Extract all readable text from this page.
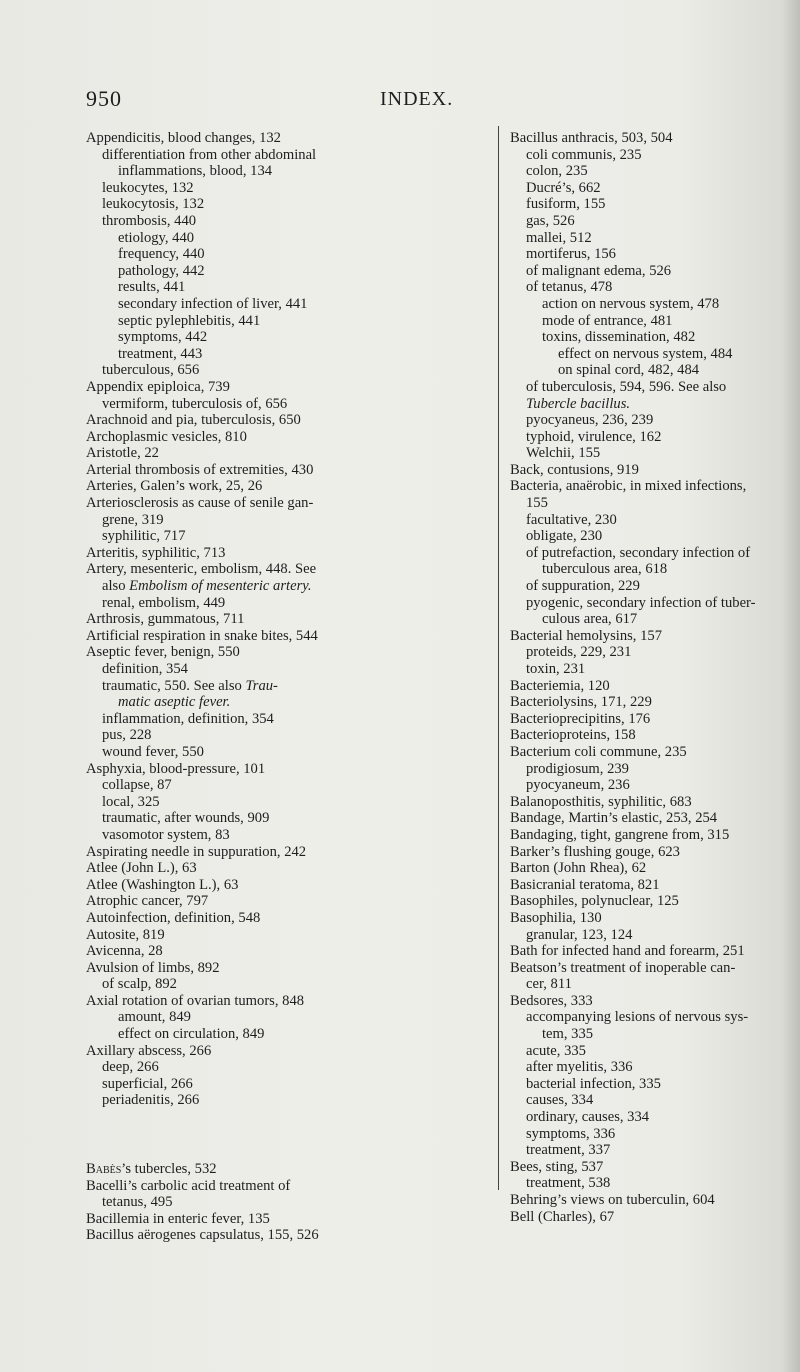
950	INDEX.
Appendicitis, blood changes, 132
differentiation from other abdominal
inflammations, blood, 134
leukocytes, 132
leukocytosis, 132
thrombosis, 440
etiology, 440
frequency, 440
pathology, 442
results, 441
secondary infection of liver, 441
septic pylephlebitis, 441
symptoms, 442
treatment, 443
tuberculous, 656
Appendix epiploica, 739
vermiform, tuberculosis of, 656
Arachnoid and pia, tuberculosis, 650
Archoplasmic vesicles, 810
Aristotle, 22
Arterial thrombosis of extremities, 430
Arteries, Galen’s work, 25, 26
Arteriosclerosis as cause of senile gan-
grene, 319
syphilitic, 717
Arteritis, syphilitic, 713
Artery, mesenteric, embolism, 448. See
also Embolism of mesenteric artery.
renal, embolism, 449
Arthrosis, gummatous, 711
Artificial respiration in snake bites, 544
Aseptic fever, benign, 550
definition, 354
traumatic, 550. See also Trau-
matic aseptic fever.
inflammation, definition, 354
pus, 228
wound fever, 550
Asphyxia, blood-pressure, 101
collapse, 87
local, 325
traumatic, after wounds, 909
vasomotor system, 83
Aspirating needle in suppuration, 242
Atlee (John L.), 63
Atlee (Washington L.), 63
Atrophic cancer, 797
Autoinfection, definition, 548
Autosite, 819
Avicenna, 28
Avulsion of limbs, 892
of scalp, 892
Axial rotation of ovarian tumors, 848
amount, 849
effect on circulation, 849
Axillary abscess, 266
deep, 266
superficial, 266
periadenitis, 266
Babès’s tubercles, 532
Bacelli’s carbolic acid treatment of
tetanus, 495
Bacillemia in enteric fever, 135
Bacillus aërogenes capsulatus, 155, 526
Bacillus anthracis, 503, 504
coli communis, 235
colon, 235
Ducré’s, 662
fusiform, 155
gas, 526
mallei, 512
mortiferus, 156
of malignant edema, 526
of tetanus, 478
action on nervous system, 478
mode of entrance, 481
toxins, dissemination, 482
effect on nervous system, 484
on spinal cord, 482, 484
of tuberculosis, 594, 596. See also
Tubercle bacillus.
pyocyaneus, 236, 239
typhoid, virulence, 162
Welchii, 155
Back, contusions, 919
Bacteria, anaërobic, in mixed infections,
155
facultative, 230
obligate, 230
of putrefaction, secondary infection of
tuberculous area, 618
of suppuration, 229
pyogenic, secondary infection of tuber-
culous area, 617
Bacterial hemolysins, 157
proteids, 229, 231
toxin, 231
Bacteriemia, 120
Bacteriolysins, 171, 229
Bacterioprecipitins, 176
Bacterioproteins, 158
Bacterium coli commune, 235
prodigiosum, 239
pyocyaneum, 236
Balanoposthitis, syphilitic, 683
Bandage, Martin’s elastic, 253, 254
Bandaging, tight, gangrene from, 315
Barker’s flushing gouge, 623
Barton (John Rhea), 62
Basicranial teratoma, 821
Basophiles, polynuclear, 125
Basophilia, 130
granular, 123, 124
Bath for infected hand and forearm, 251
Beatson’s treatment of inoperable can-
cer, 811
Bedsores, 333
accompanying lesions of nervous sys-
tem, 335
acute, 335
after myelitis, 336
bacterial infection, 335
causes, 334
ordinary, causes, 334
symptoms, 336
treatment, 337
Bees, sting, 537
treatment, 538
Behring’s views on tuberculin, 604
Bell (Charles), 67
